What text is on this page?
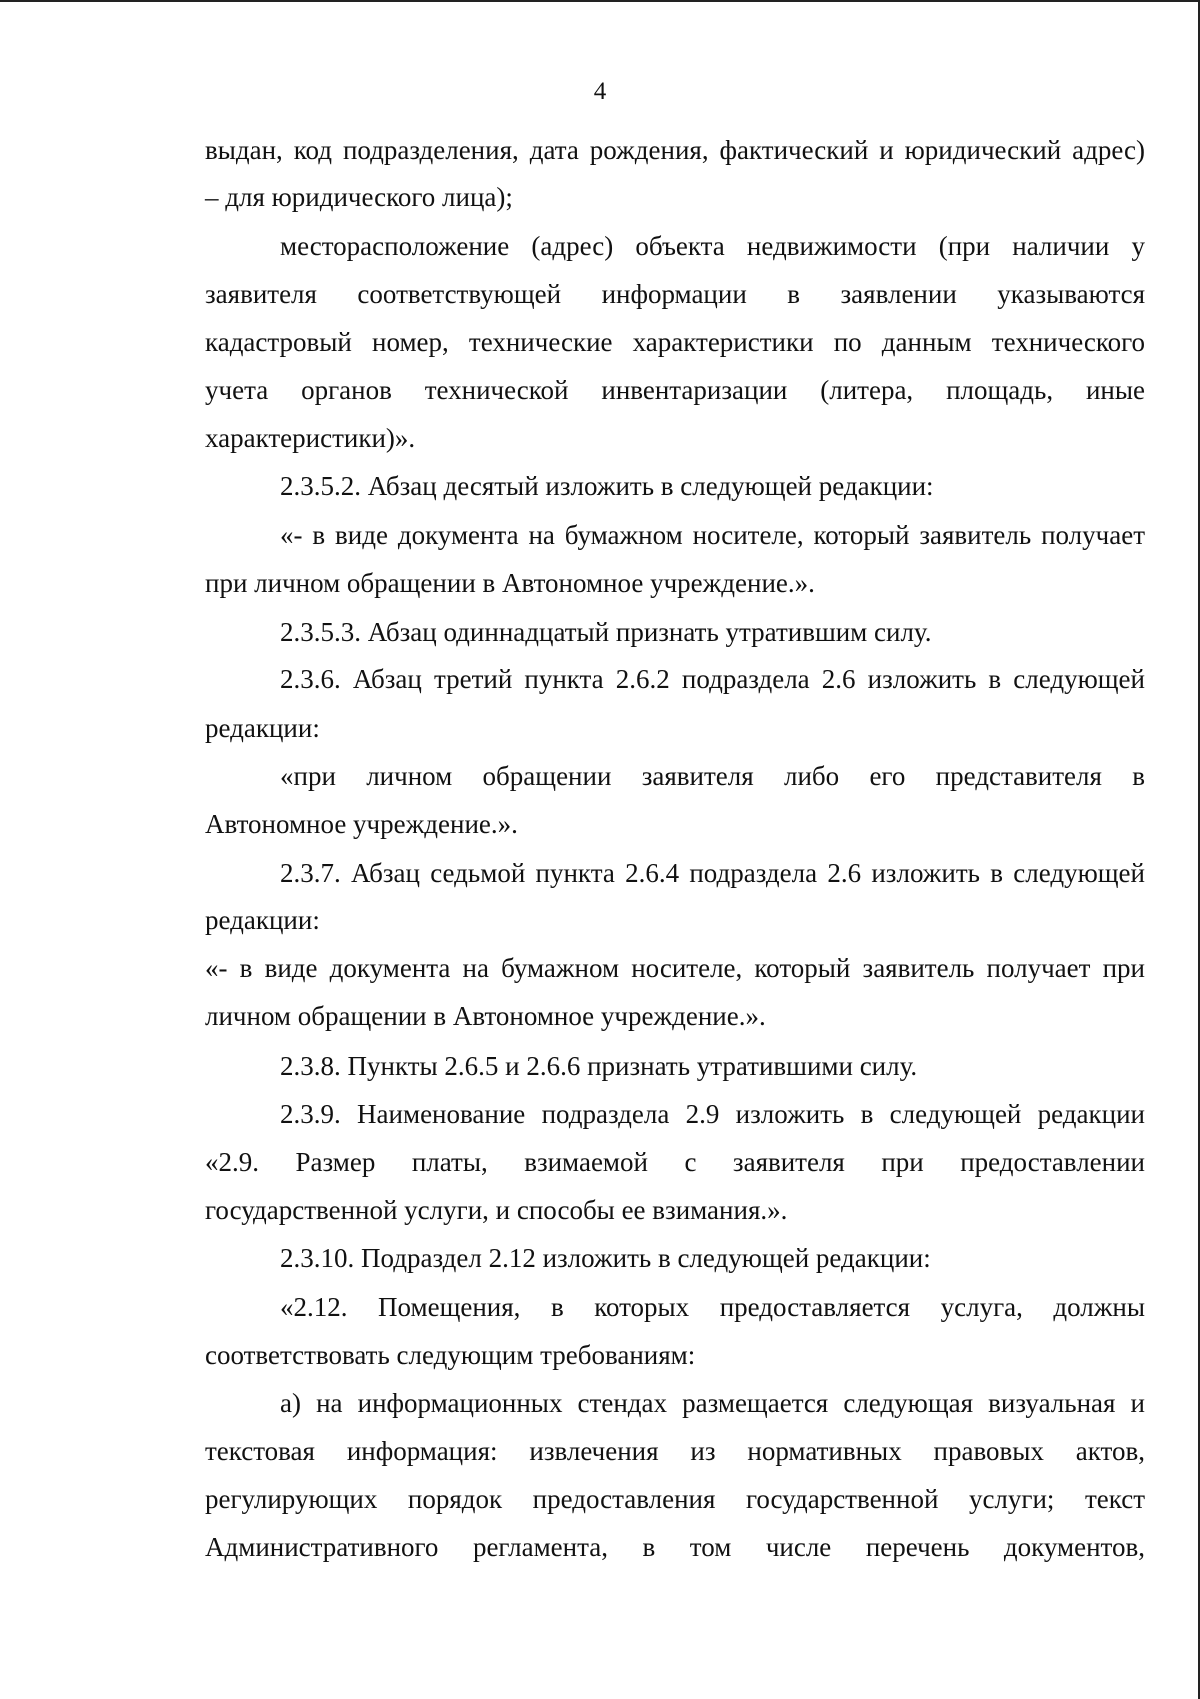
4
выдан, код подразделения, дата рождения, фактический и юридический адрес)
– для юридического лица);
месторасположение (адрес) объекта недвижимости (при наличии у
заявителя соответствующей информации в заявлении указываются
кадастровый номер, технические характеристики по данным технического
учета органов технической инвентаризации (литера, площадь, иные
характеристики)».
2.3.5.2. Абзац десятый изложить в следующей редакции:
«- в виде документа на бумажном носителе, который заявитель получает
при личном обращении в Автономное учреждение.».
2.3.5.3. Абзац одиннадцатый признать утратившим силу.
2.3.6. Абзац третий пункта 2.6.2 подраздела 2.6 изложить в следующей
редакции:
«при личном обращении заявителя либо его представителя в
Автономное учреждение.».
2.3.7. Абзац седьмой пункта 2.6.4 подраздела 2.6 изложить в следующей
редакции:
«- в виде документа на бумажном носителе, который заявитель получает при
личном обращении в Автономное учреждение.».
2.3.8. Пункты 2.6.5 и 2.6.6 признать утратившими силу.
2.3.9. Наименование подраздела 2.9 изложить в следующей редакции
«2.9. Размер платы, взимаемой с заявителя при предоставлении
государственной услуги, и способы ее взимания.».
2.3.10. Подраздел 2.12 изложить в следующей редакции:
«2.12. Помещения, в которых предоставляется услуга, должны
соответствовать следующим требованиям:
а) на информационных стендах размещается следующая визуальная и
текстовая информация: извлечения из нормативных правовых актов,
регулирующих порядок предоставления государственной услуги; текст
Административного регламента, в том числе перечень документов,
